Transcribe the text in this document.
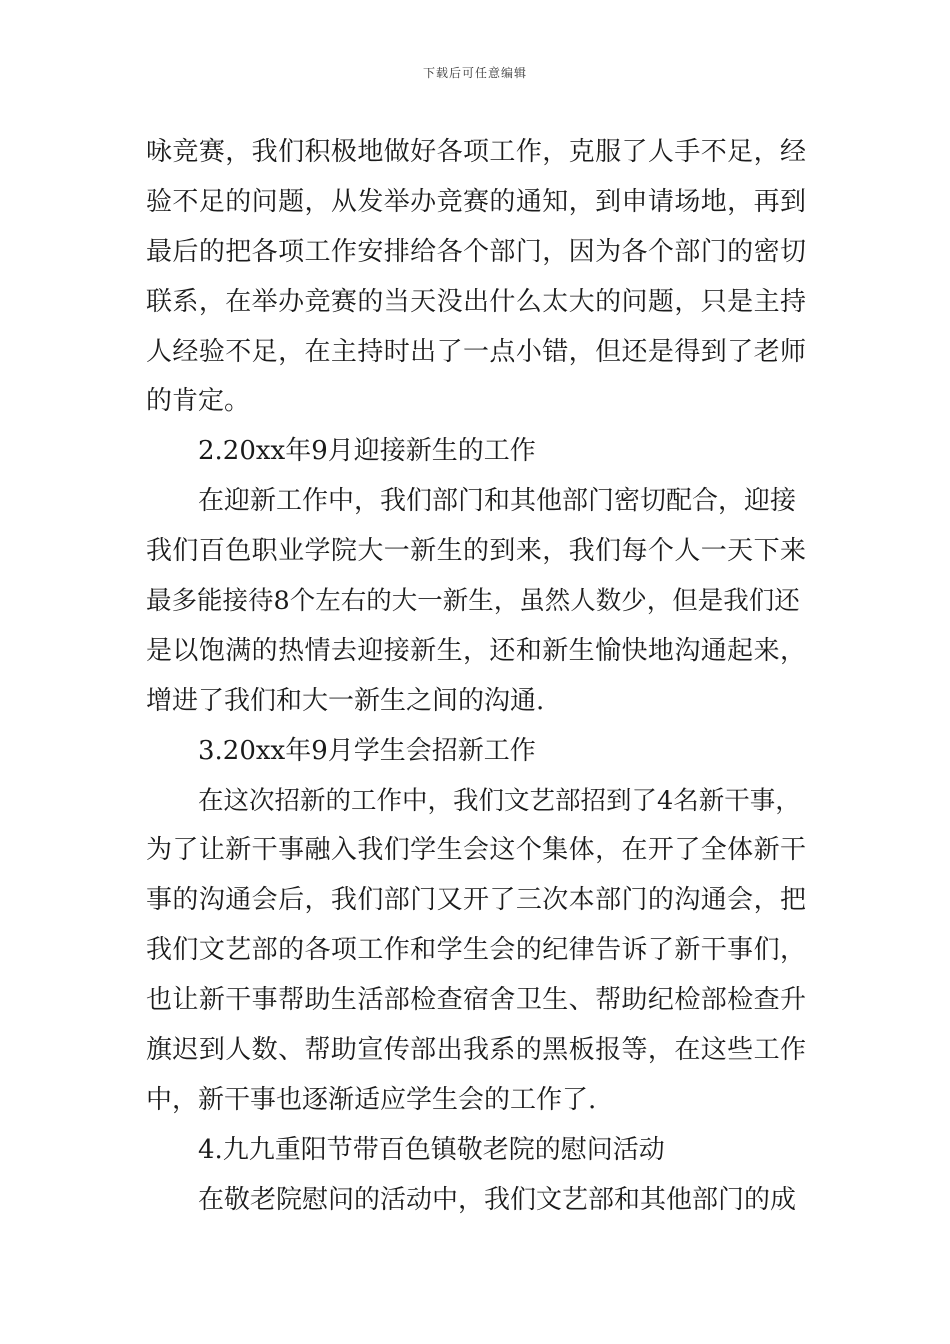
下载后可任意编辑
咏竞赛，我们积极地做好各项工作，克服了人手不足，经
验不足的问题，从发举办竞赛的通知，到申请场地，再到
最后的把各项工作安排给各个部门，因为各个部门的密切
联系，在举办竞赛的当天没出什么太大的问题，只是主持
人经验不足，在主持时出了一点小错，但还是得到了老师
的肯定。
2.20xx年9月迎接新生的工作
在迎新工作中，我们部门和其他部门密切配合，迎接
我们百色职业学院大一新生的到来，我们每个人一天下来
最多能接待8个左右的大一新生，虽然人数少，但是我们还
是以饱满的热情去迎接新生，还和新生愉快地沟通起来，
增进了我们和大一新生之间的沟通.
3.20xx年9月学生会招新工作
在这次招新的工作中，我们文艺部招到了4名新干事，
为了让新干事融入我们学生会这个集体，在开了全体新干
事的沟通会后，我们部门又开了三次本部门的沟通会，把
我们文艺部的各项工作和学生会的纪律告诉了新干事们，
也让新干事帮助生活部检查宿舍卫生、帮助纪检部检查升
旗迟到人数、帮助宣传部出我系的黑板报等，在这些工作
中，新干事也逐渐适应学生会的工作了.
4.九九重阳节带百色镇敬老院的慰问活动
在敬老院慰问的活动中，我们文艺部和其他部门的成
